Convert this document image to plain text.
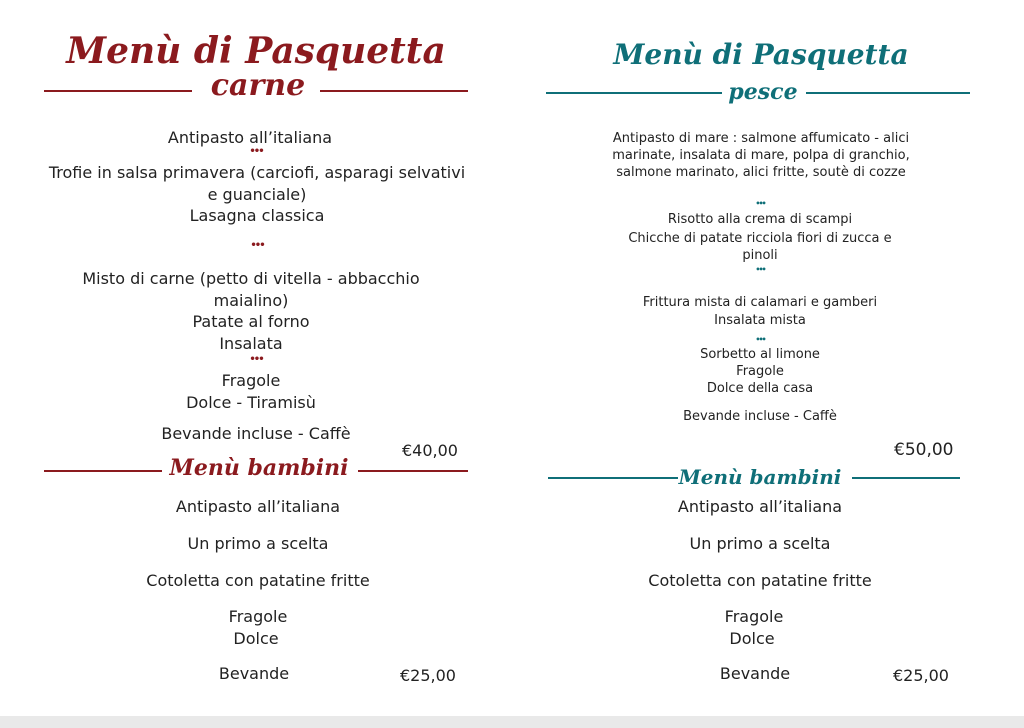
Menù di Pasquetta
carne
Antipasto all’italiana
•••
Trofie in salsa primavera (carciofi, asparagi selvativi
e guanciale)
Lasagna classica
•••
Misto di carne (petto di vitella - abbacchio
maialino)
Patate al forno
Insalata
•••
Fragole
Dolce - Tiramisù
Bevande incluse - Caffè
€40,00
Menù bambini
Antipasto all’italiana
Un primo a scelta
Cotoletta con patatine fritte
Fragole
Dolce
Bevande	€25,00
Menù di Pasquetta
pesce
Antipasto di mare : salmone affumicato - alici
marinate, insalata di mare, polpa di granchio,
salmone marinato, alici fritte, soutè di cozze
•••
Risotto alla crema di scampi
Chicche di patate ricciola fiori di zucca e
pinoli
•••
Frittura mista di calamari e gamberi
Insalata mista
•••
Sorbetto al limone
Fragole
Dolce della casa
Bevande incluse - Caffè
€50,00
Menù bambini
Antipasto all’italiana
Un primo a scelta
Cotoletta con patatine fritte
Fragole
Dolce
Bevande	€25,00
